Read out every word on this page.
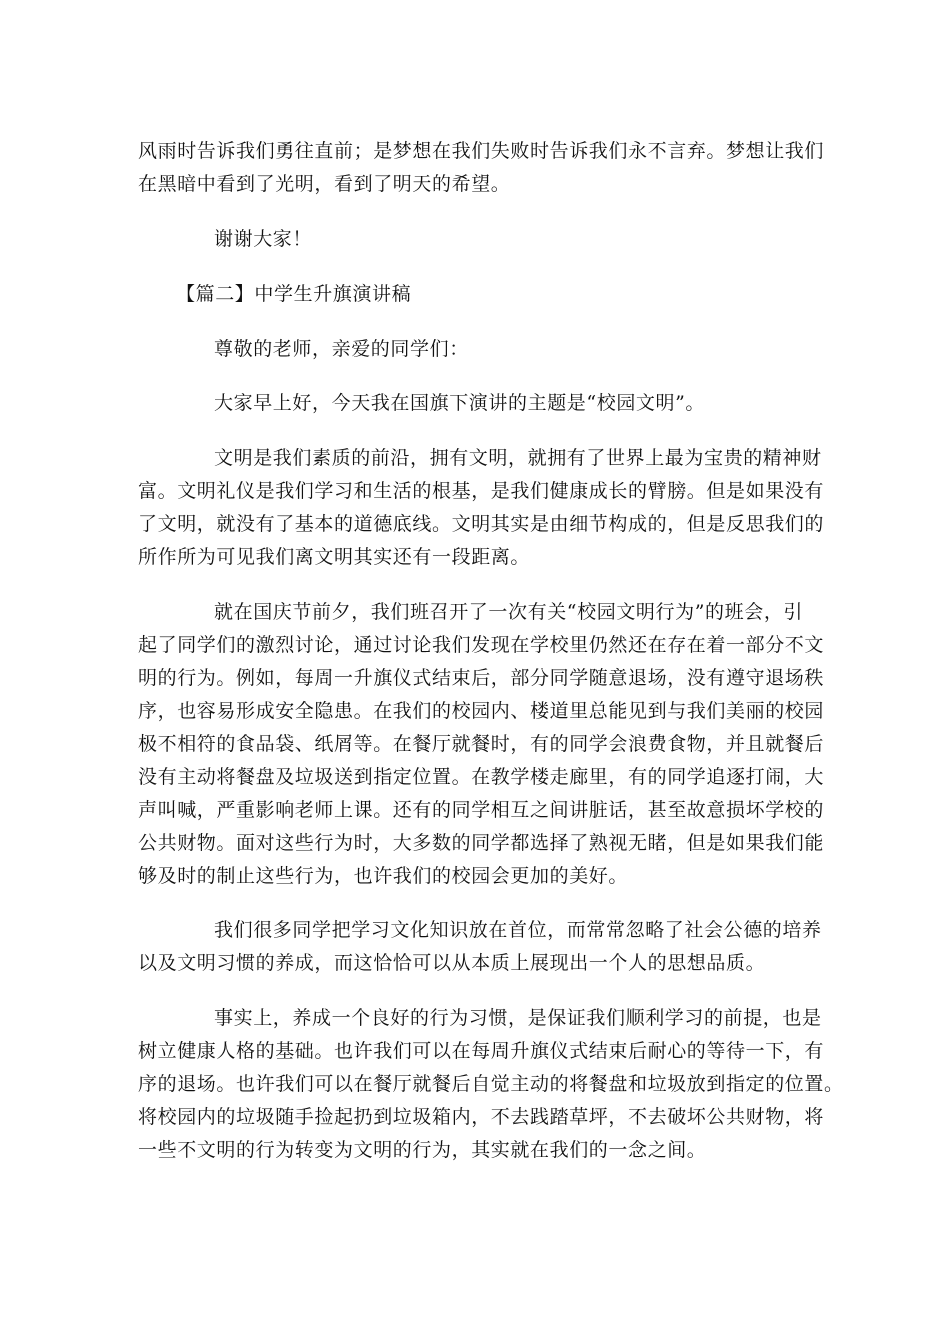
风雨时告诉我们勇往直前；是梦想在我们失败时告诉我们永不言弃。梦想让我们
在黑暗中看到了光明，看到了明天的希望。
谢谢大家！
【篇二】中学生升旗演讲稿
尊敬的老师，亲爱的同学们：
大家早上好，今天我在国旗下演讲的主题是“校园文明”。
文明是我们素质的前沿，拥有文明，就拥有了世界上最为宝贵的精神财
富。文明礼仪是我们学习和生活的根基，是我们健康成长的臂膀。但是如果没有
了文明，就没有了基本的道德底线。文明其实是由细节构成的，但是反思我们的
所作所为可见我们离文明其实还有一段距离。
就在国庆节前夕，我们班召开了一次有关“校园文明行为”的班会，引
起了同学们的激烈讨论，通过讨论我们发现在学校里仍然还在存在着一部分不文
明的行为。例如，每周一升旗仪式结束后，部分同学随意退场，没有遵守退场秩
序，也容易形成安全隐患。在我们的校园内、楼道里总能见到与我们美丽的校园
极不相符的食品袋、纸屑等。在餐厅就餐时，有的同学会浪费食物，并且就餐后
没有主动将餐盘及垃圾送到指定位置。在教学楼走廊里，有的同学追逐打闹，大
声叫喊，严重影响老师上课。还有的同学相互之间讲脏话，甚至故意损坏学校的
公共财物。面对这些行为时，大多数的同学都选择了熟视无睹，但是如果我们能
够及时的制止这些行为，也许我们的校园会更加的美好。
我们很多同学把学习文化知识放在首位，而常常忽略了社会公德的培养
以及文明习惯的养成，而这恰恰可以从本质上展现出一个人的思想品质。
事实上，养成一个良好的行为习惯，是保证我们顺利学习的前提，也是
树立健康人格的基础。也许我们可以在每周升旗仪式结束后耐心的等待一下，有
序的退场。也许我们可以在餐厅就餐后自觉主动的将餐盘和垃圾放到指定的位置。
将校园内的垃圾随手捡起扔到垃圾箱内，不去践踏草坪，不去破坏公共财物，将
一些不文明的行为转变为文明的行为，其实就在我们的一念之间。
